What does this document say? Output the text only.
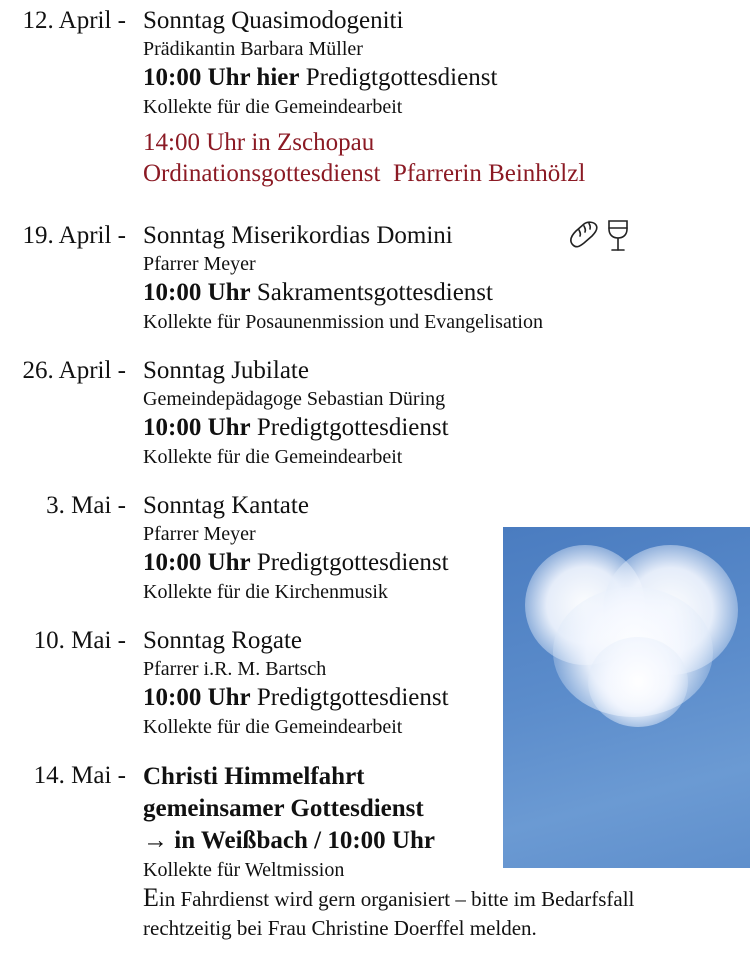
12. April - Sonntag Quasimodogeniti
Prädikantin Barbara Müller
10:00 Uhr hier Predigtgottesdienst
Kollekte für die Gemeindearbeit
14:00 Uhr in Zschopau
Ordinationsgottesdienst  Pfarrerin Beinhölzl
19. April - Sonntag Miserikordias Domini
Pfarrer Meyer
10:00 Uhr Sakramentsgottesdienst
Kollekte für Posaunenmission und Evangelisation
26. April - Sonntag Jubilate
Gemeindepädagoge Sebastian Düring
10:00 Uhr Predigtgottesdienst
Kollekte für die Gemeindearbeit
3. Mai - Sonntag Kantate
Pfarrer Meyer
10:00 Uhr Predigtgottesdienst
Kollekte für die Kirchenmusik
10. Mai - Sonntag Rogate
Pfarrer i.R. M. Bartsch
10:00 Uhr Predigtgottesdienst
Kollekte für die Gemeindearbeit
14. Mai - Christi Himmelfahrt
gemeinsamer Gottesdienst
→ in Weißbach / 10:00 Uhr
Kollekte für Weltmission
Ein Fahrdienst wird gern organisiert – bitte im Bedarfsfall
rechtzeitig bei Frau Christine Doerffel melden.
